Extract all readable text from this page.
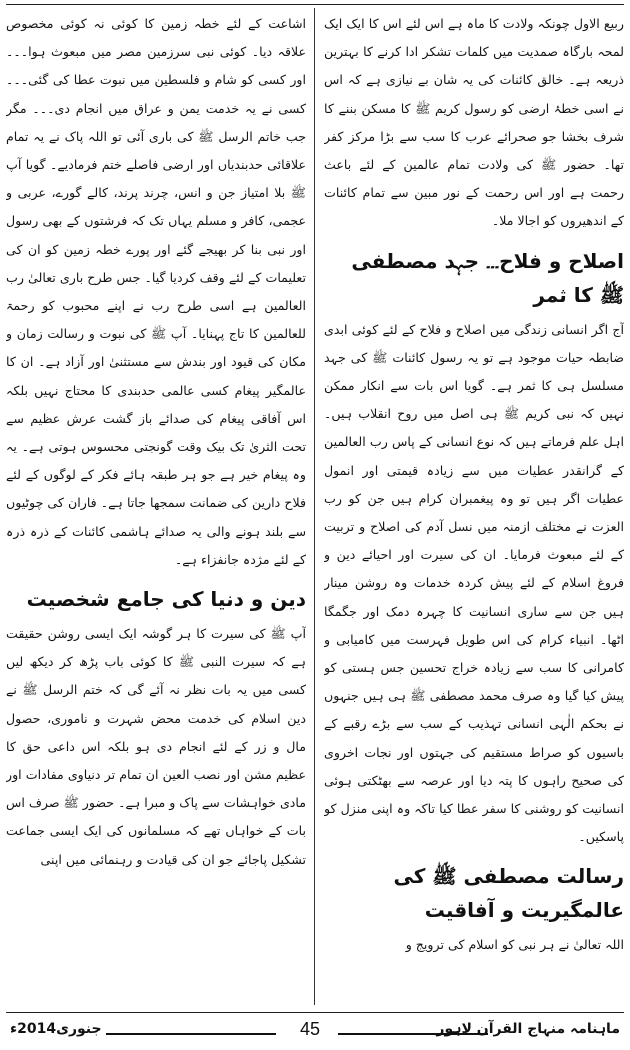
ربیع الاول چونکہ ولادت کا ماہ ہے اس لئے اس کا ایک ایک لمحہ بارگاہ صمدیت میں کلمات تشکر ادا کرنے کا بہترین ذریعہ ہے۔ خالق کائنات کی یہ شان بے نیازی ہے کہ اس نے اسی خطۂ ارضی کو رسول کریم ﷺ کا مسکن بننے کا شرف بخشا جو صحرائے عرب کا سب سے بڑا مرکز کفر تھا۔ حضور ﷺ کی ولادت تمام عالمین کے لئے باعث رحمت ہے اور اس رحمت کے نور مبین سے تمام کائنات کے اندھیروں کو اجالا ملا۔

اصلاح و فلاح۔۔۔ جہد مصطفی ﷺ کا ثمر

آج اگر انسانی زندگی میں اصلاح و فلاح کے لئے کوئی ابدی ضابطہ حیات موجود ہے تو یہ رسول کائنات ﷺ کی جہد مسلسل ہی کا ثمر ہے۔ گویا اس بات سے انکار ممکن نہیں کہ نبی کریم ﷺ ہی اصل میں روح انقلاب ہیں۔ اہل علم فرماتے ہیں کہ نوع انسانی کے پاس رب العالمین کے گرانقدر عطیات میں سے زیادہ قیمتی اور انمول عطیات اگر ہیں تو وہ پیغمبران کرام ہیں جن کو رب العزت نے مختلف ازمنہ میں نسل آدم کی اصلاح و تربیت کے لئے مبعوث فرمایا۔ ان کی سیرت اور احیائے دین و فروغ اسلام کے لئے پیش کردہ خدمات وہ روشن مینار ہیں جن سے ساری انسانیت کا چہرہ دمک اور جگمگا اٹھا۔ انبیاء کرام کی اس طویل فہرست میں کامیابی و کامرانی کا سب سے زیادہ خراج تحسین جس ہستی کو پیش کیا گیا وہ صرف محمد مصطفی ﷺ ہی ہیں جنہوں نے بحکم الٰہی انسانی تہذیب کے سب سے بڑے رقبے کے باسیوں کو صراط مستقیم کی جہتوں اور نجات اخروی کی صحیح راہوں کا پتہ دیا اور عرصہ سے بھٹکتی ہوئی انسانیت کو روشنی کا سفر عطا کیا تاکہ وہ اپنی منزل کو پاسکیں۔

رسالت مصطفی ﷺ کی عالمگیریت و آفاقیت

اللہ تعالیٰ نے ہر نبی کو اسلام کی ترویج و

اشاعت کے لئے خطہ زمین کا کوئی نہ کوئی مخصوص علاقہ دیا۔ کوئی نبی سرزمین مصر میں مبعوث ہوا۔۔۔ اور کسی کو شام و فلسطین میں نبوت عطا کی گئی۔۔۔ کسی نے یہ خدمت یمن و عراق میں انجام دی۔۔۔ مگر جب خاتم الرسل ﷺ کی باری آئی تو اللہ پاک نے یہ تمام علاقائی حدبندیاں اور ارضی فاصلے ختم فرمادیے۔ گویا آپ ﷺ بلا امتیاز جن و انس، چرند پرند، کالے گورے، عربی و عجمی، کافر و مسلم یہاں تک کہ فرشتوں کے بھی رسول اور نبی بنا کر بھیجے گئے اور پورے خطہ زمین کو ان کی تعلیمات کے لئے وقف کردیا گیا۔ جس طرح باری تعالیٰ رب العالمین ہے اسی طرح رب نے اپنے محبوب کو رحمۃ للعالمین کا تاج پہنایا۔ آپ ﷺ کی نبوت و رسالت زمان و مکان کی قیود اور بندش سے مستثنیٰ اور آزاد ہے۔ ان کا عالمگیر پیغام کسی عالمی حدبندی کا محتاج نہیں بلکہ اس آفاقی پیغام کی صدائے باز گشت عرش عظیم سے تحت الثریٰ تک بیک وقت گونجتی محسوس ہوتی ہے۔ یہ وہ پیغام خیر ہے جو ہر طبقہ ہائے فکر کے لوگوں کے لئے فلاح دارین کی ضمانت سمجھا جاتا ہے۔ فاران کی چوٹیوں سے بلند ہونے والی یہ صدائے ہاشمی کائنات کے ذرہ ذرہ کے لئے مژدہ جانفزاء ہے۔

دین و دنیا کی جامع شخصیت

آپ ﷺ کی سیرت کا ہر گوشہ ایک ایسی روشن حقیقت ہے کہ سیرت النبی ﷺ کا کوئی باب پڑھ کر دیکھ لیں کسی میں یہ بات نظر نہ آئے گی کہ ختم الرسل ﷺ نے دین اسلام کی خدمت محض شہرت و ناموری، حصول مال و زر کے لئے انجام دی ہو بلکہ اس داعی حق کا عظیم مشن اور نصب العین ان تمام تر دنیاوی مفادات اور مادی خواہشات سے پاک و مبرا ہے۔ حضور ﷺ صرف اس بات کے خواہاں تھے کہ مسلمانوں کی ایک ایسی جماعت تشکیل پاجائے جو ان کی قیادت و رہنمائی میں اپنی

جنوری2014ء	45	ماہنامہ منہاج القرآن لاہور
